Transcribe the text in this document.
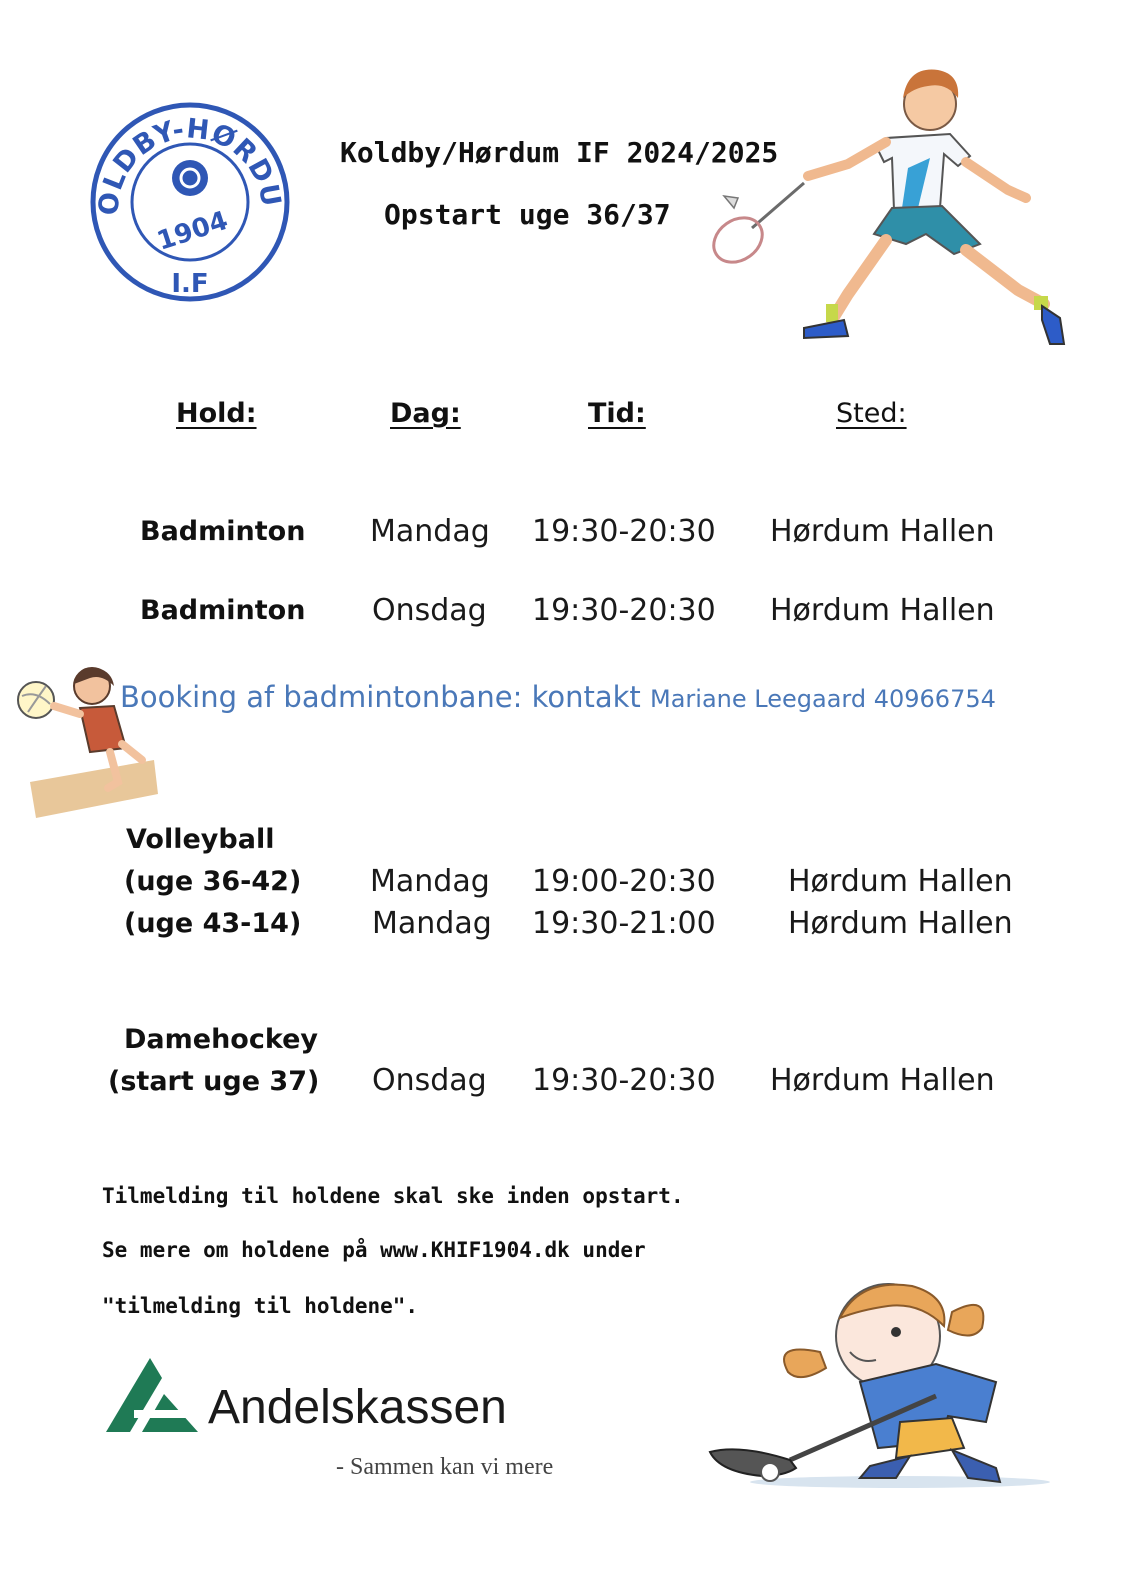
OLDBY-HØRDU
I.F
1904
Koldby/Hørdum IF 2024/2025
Opstart uge 36/37
Hold:	Dag:	Tid:	Sted:
Badminton Mandag 19:30-20:30 Hørdum Hallen
Badminton Onsdag 19:30-20:30 Hørdum Hallen
Booking af badmintonbane: kontakt Mariane Leegaard 40966754
Volleyball
(uge 36-42) Mandag 19:00-20:30 Hørdum Hallen
(uge 43-14) Mandag 19:30-21:00 Hørdum Hallen
Damehockey
(start uge 37) Onsdag 19:30-20:30 Hørdum Hallen
Tilmelding til holdene skal ske inden opstart.
Se mere om holdene på www.KHIF1904.dk under
"tilmelding til holdene".
Andelskassen
- Sammen kan vi mere
